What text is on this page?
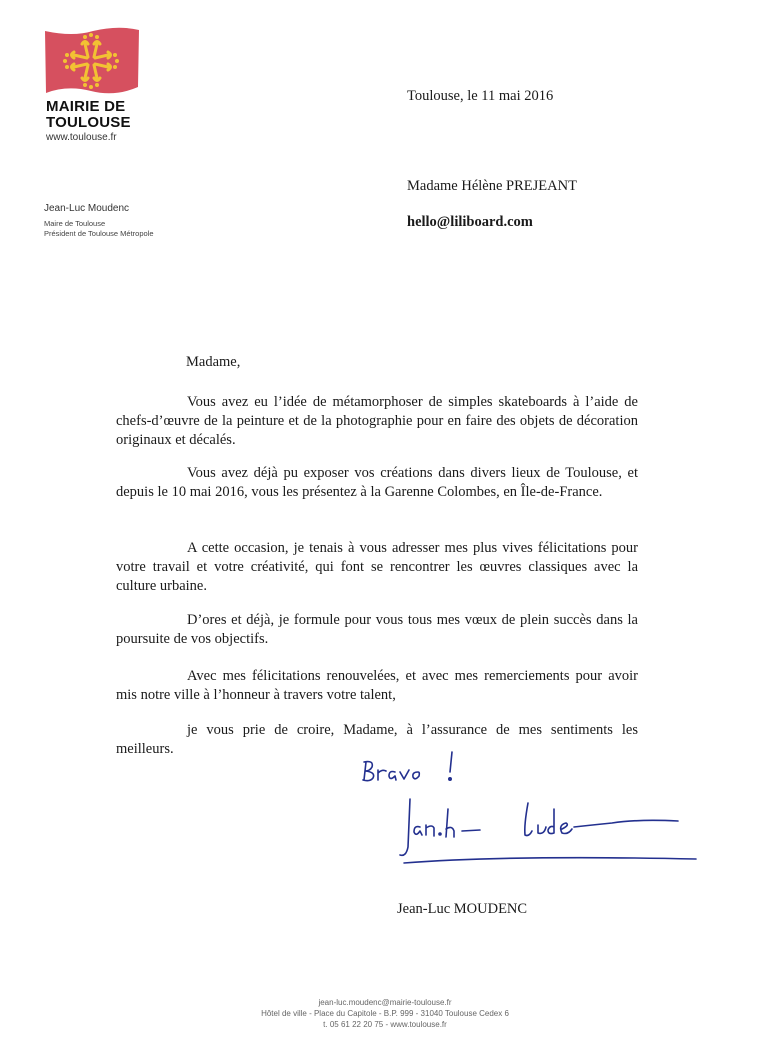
MAIRIE DE
TOULOUSE
www.toulouse.fr
Jean-Luc Moudenc
Maire de Toulouse
Président de Toulouse Métropole
Toulouse, le 11 mai 2016
Madame Hélène PREJEANT
hello@liliboard.com
Madame,

Vous avez eu l’idée de métamorphoser de simples skateboards à l’aide de chefs-d’œuvre de la peinture et de la photographie pour en faire des objets de décoration originaux et décalés.

Vous avez déjà pu exposer vos créations dans divers lieux de Toulouse, et depuis le 10 mai 2016, vous les présentez à la Garenne Colombes, en Île-de-France.

A cette occasion, je tenais à vous adresser mes plus vives félicitations pour votre travail et votre créativité, qui font se rencontrer les œuvres classiques avec la culture urbaine.

D’ores et déjà, je formule pour vous tous mes vœux de plein succès dans la poursuite de vos objectifs.

Avec mes félicitations renouvelées, et avec mes remerciements pour avoir mis notre ville à l’honneur à travers votre talent,

je vous prie de croire, Madame, à l’assurance de mes sentiments les meilleurs.

Jean-Luc MOUDENC
jean-luc.moudenc@mairie-toulouse.fr
Hôtel de ville - Place du Capitole - B.P. 999 - 31040 Toulouse Cedex 6
t. 05 61 22 20 75 - www.toulouse.fr
